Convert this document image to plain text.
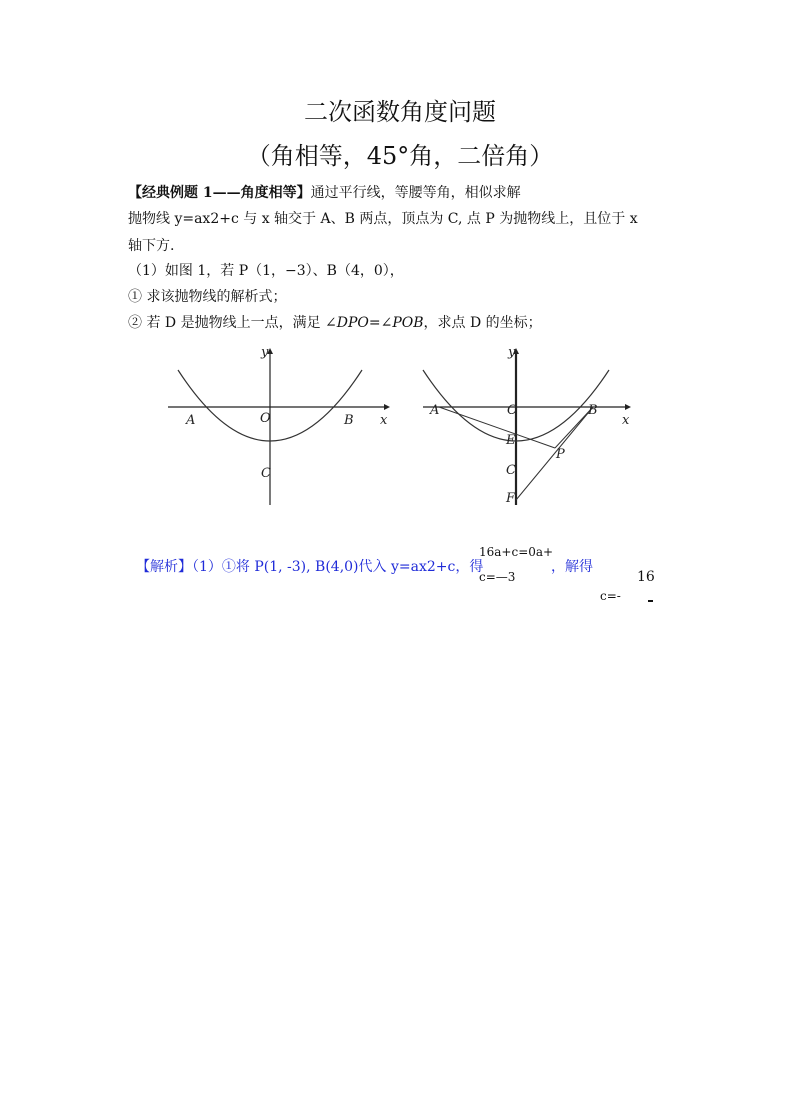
二次函数角度问题
（角相等，45°角，二倍角）
【经典例题 1——角度相等】通过平行线，等腰等角，相似求解
抛物线 y=ax2+c 与 x 轴交于 A、B 两点，顶点为 C, 点 P 为抛物线上，且位于 x
轴下方.
（1）如图 1，若 P（1，−3）、B（4，0），
① 求该抛物线的解析式；
② 若 D 是抛物线上一点，满足 ∠DPO=∠POB，求点 D 的坐标；
y
x
A	O	B
C
y
x
A	O	B
E
P
C
F
【解析】（1）①将 P(1, -3), B(4,0)代入 y=ax2+c，得
16a+c=0a+
c=—3
，解得
16
c=-
